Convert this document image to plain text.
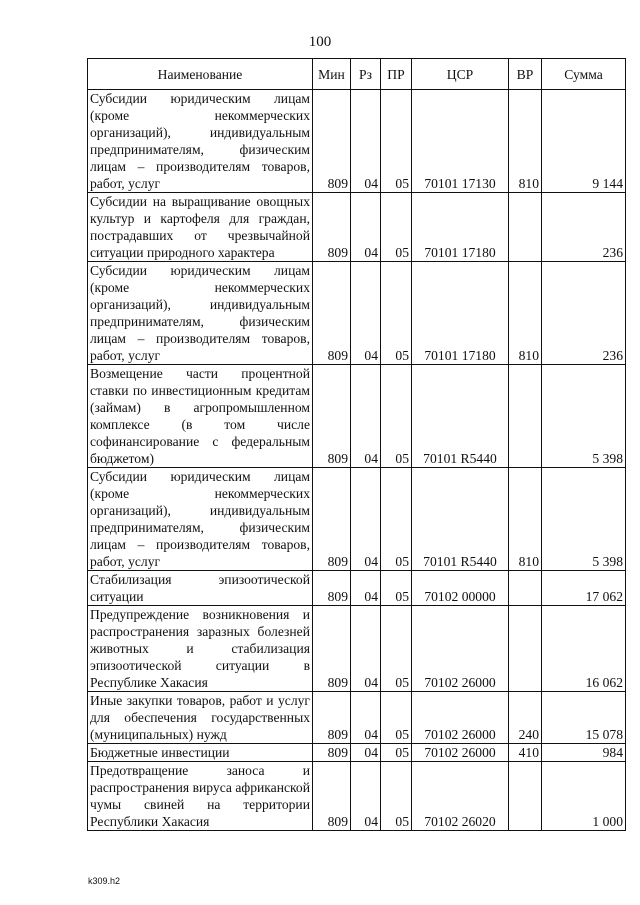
100
Наименование	Мин	Рз	ПР	ЦСР	ВР	Сумма
Субсидии юридическим лицам (кроме некоммерческих организаций), индивидуальным предпринимателям, физическим лицам – производителям товаров, работ, услуг	809	04	05	70101 17130	810	9 144
Субсидии на выращивание овощных культур и картофеля для граждан, пострадавших от чрезвычайной ситуации природного характера	809	04	05	70101 17180		236
Субсидии юридическим лицам (кроме некоммерческих организаций), индивидуальным предпринимателям, физическим лицам – производителям товаров, работ, услуг	809	04	05	70101 17180	810	236
Возмещение части процентной ставки по инвестиционным кредитам (займам) в агропромышленном комплексе (в том числе софинансирование с федеральным бюджетом)	809	04	05	70101 R5440		5 398
Субсидии юридическим лицам (кроме некоммерческих организаций), индивидуальным предпринимателям, физическим лицам – производителям товаров, работ, услуг	809	04	05	70101 R5440	810	5 398
Стабилизация эпизоотической ситуации	809	04	05	70102 00000		17 062
Предупреждение возникновения и распространения заразных болезней животных и стабилизация эпизоотической ситуации в Республике Хакасия	809	04	05	70102 26000		16 062
Иные закупки товаров, работ и услуг для обеспечения государственных (муниципальных) нужд	809	04	05	70102 26000	240	15 078
Бюджетные инвестиции	809	04	05	70102 26000	410	984
Предотвращение заноса и распространения вируса африканской чумы свиней на территории Республики Хакасия	809	04	05	70102 26020		1 000
k309.h2
